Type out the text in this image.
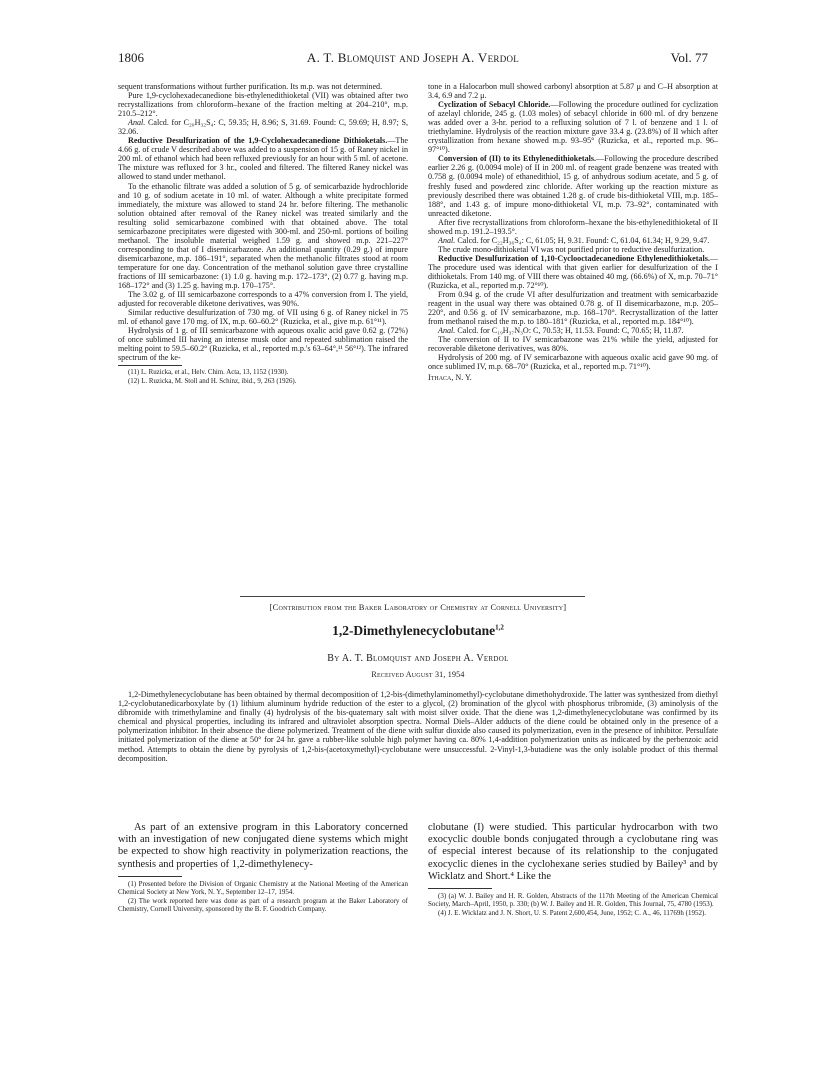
1806	A. T. Blomquist and Joseph A. Verdol	Vol. 77

sequent transformations without further purification. Its m.p. was not determined.

Pure 1,9-cyclohexadecanedione bis-ethylenedithioketal (VII) was obtained after two recrystallizations from chloroform–hexane of the fraction melting at 204–210°, m.p. 210.5–212°.

Anal. Calcd. for C₂₀H₃₂S₄: C, 59.35; H, 8.96; S, 31.69. Found: C, 59.69; H, 8.97; S, 32.06.

Reductive Desulfurization of the 1,9-Cyclohexadecanedione Dithioketals.—The 4.66 g. of crude V described above was added to a suspension of 15 g. of Raney nickel in 200 ml. of ethanol which had been refluxed previously for an hour with 5 ml. of acetone. The mixture was refluxed for 3 hr., cooled and filtered. The filtered Raney nickel was allowed to stand under methanol.

To the ethanolic filtrate was added a solution of 5 g. of semicarbazide hydrochloride and 10 g. of sodium acetate in 10 ml. of water. Although a white precipitate formed immediately, the mixture was allowed to stand 24 hr. before filtering. The methanolic solution obtained after removal of the Raney nickel was treated similarly and the resulting solid semicarbazone combined with that obtained above. The total semicarbazone precipitates were digested with 300-ml. and 250-ml. portions of boiling methanol. The insoluble material weighed 1.59 g. and showed m.p. 221–227° corresponding to that of I disemicarbazone. An additional quantity (0.29 g.) of impure disemicarbazone, m.p. 186–191°, separated when the methanolic filtrates stood at room temperature for one day. Concentration of the methanol solution gave three crystalline fractions of III semicarbazone: (1) 1.0 g. having m.p. 172–173°, (2) 0.77 g. having m.p. 168–172° and (3) 1.25 g. having m.p. 170–175°.

The 3.02 g. of III semicarbazone corresponds to a 47% conversion from I. The yield, adjusted for recoverable diketone derivatives, was 90%.

Similar reductive desulfurization of 730 mg. of VII using 6 g. of Raney nickel in 75 ml. of ethanol gave 170 mg. of IX, m.p. 60–60.2° (Ruzicka, et al., give m.p. 61°¹¹).

Hydrolysis of 1 g. of III semicarbazone with aqueous oxalic acid gave 0.62 g. (72%) of once sublimed III having an intense musk odor and repeated sublimation raised the melting point to 59.5–60.2° (Ruzicka, et al., reported m.p.'s 63–64°,¹¹ 56°¹²). The infrared spectrum of the ke-

(11) L. Ruzicka, et al., Helv. Chim. Acta, 13, 1152 (1930).

(12) L. Ruzicka, M. Stoll and H. Schinz, ibid., 9, 263 (1926).

tone in a Halocarbon mull showed carbonyl absorption at 5.87 μ and C–H absorption at 3.4, 6.9 and 7.2 μ.

Cyclization of Sebacyl Chloride.—Following the procedure outlined for cyclization of azelayl chloride, 245 g. (1.03 moles) of sebacyl chloride in 600 ml. of dry benzene was added over a 3-hr. period to a refluxing solution of 7 l. of benzene and 1 l. of triethylamine. Hydrolysis of the reaction mixture gave 33.4 g. (23.8%) of II which after crystallization from hexane showed m.p. 93–95° (Ruzicka, et al., reported m.p. 96–97°¹⁰).

Conversion of (II) to its Ethylenedithioketals.—Following the procedure described earlier 2.26 g. (0.0094 mole) of II in 200 ml. of reagent grade benzene was treated with 0.758 g. (0.0094 mole) of ethanedithiol, 15 g. of anhydrous sodium acetate, and 5 g. of freshly fused and powdered zinc chloride. After working up the reaction mixture as previously described there was obtained 1.28 g. of crude bis-dithioketal VIII, m.p. 185–188°, and 1.43 g. of impure mono-dithioketal VI, m.p. 73–92°, contaminated with unreacted diketone.

After five recrystallizations from chloroform–hexane the bis-ethylenedithioketal of II showed m.p. 191.2–193.5°.

Anal. Calcd. for C₂₂H₃₆S₄: C, 61.05; H, 9.31. Found: C, 61.04, 61.34; H, 9.29, 9.47.

The crude mono-dithioketal VI was not purified prior to reductive desulfurization.

Reductive Desulfurization of 1,10-Cyclooctadecanedione Ethylenedithioketals.—The procedure used was identical with that given earlier for desulfurization of the I dithioketals. From 140 mg. of VIII there was obtained 40 mg. (66.6%) of X, m.p. 70–71° (Ruzicka, et al., reported m.p. 72°¹⁰).

From 0.94 g. of the crude VI after desulfurization and treatment with semicarbazide reagent in the usual way there was obtained 0.78 g. of II disemicarbazone, m.p. 205–220°, and 0.56 g. of IV semicarbazone, m.p. 168–170°. Recrystallization of the latter from methanol raised the m.p. to 180–181° (Ruzicka, et al., reported m.p. 184°¹⁰).

Anal. Calcd. for C₁₉H₃₇N₃O: C, 70.53; H, 11.53. Found: C, 70.65; H, 11.87.

The conversion of II to IV semicarbazone was 21% while the yield, adjusted for recoverable diketone derivatives, was 80%.

Hydrolysis of 200 mg. of IV semicarbazone with aqueous oxalic acid gave 90 mg. of once sublimed IV, m.p. 68–70° (Ruzicka, et al., reported m.p. 71°¹⁰).

Ithaca, N. Y.

[Contribution from the Baker Laboratory of Chemistry at Cornell University]
1,2-Dimethylenecyclobutane$^{1,2}$
By A. T. Blomquist and Joseph A. Verdol
Received August 31, 1954

1,2-Dimethylenecyclobutane has been obtained by thermal decomposition of 1,2-bis-(dimethylaminomethyl)-cyclobutane dimethohydroxide. The latter was synthesized from diethyl 1,2-cyclobutanedicarboxylate by (1) lithium aluminum hydride reduction of the ester to a glycol, (2) bromination of the glycol with phosphorus tribromide, (3) aminolysis of the dibromide with trimethylamine and finally (4) hydrolysis of the bis-quaternary salt with moist silver oxide. That the diene was 1,2-dimethylenecyclobutane was confirmed by its chemical and physical properties, including its infrared and ultraviolet absorption spectra. Normal Diels–Alder adducts of the diene could be obtained only in the presence of a polymerization inhibitor. In their absence the diene polymerized. Treatment of the diene with sulfur dioxide also caused its polymerization, even in the presence of inhibitor. Persulfate initiated polymerization of the diene at 50° for 24 hr. gave a rubber-like soluble high polymer having ca. 80% 1,4-addition polymerization units as indicated by the perbenzoic acid method. Attempts to obtain the diene by pyrolysis of 1,2-bis-(acetoxymethyl)-cyclobutane were unsuccessful. 2-Vinyl-1,3-butadiene was the only isolable product of this thermal decomposition.

As part of an extensive program in this Laboratory concerned with an investigation of new conjugated diene systems which might be expected to show high reactivity in polymerization reactions, the synthesis and properties of 1,2-dimethylenecy-

(1) Presented before the Division of Organic Chemistry at the National Meeting of the American Chemical Society at New York, N. Y., September 12–17, 1954.

(2) The work reported here was done as part of a research program at the Baker Laboratory of Chemistry, Cornell University, sponsored by the B. F. Goodrich Company.

clobutane (I) were studied. This particular hydrocarbon with two exocyclic double bonds conjugated through a cyclobutane ring was of especial interest because of its relationship to the conjugated exocyclic dienes in the cyclohexane series studied by Bailey³ and by Wicklatz and Short.⁴ Like the

(3) (a) W. J. Bailey and H. R. Golden, Abstracts of the 117th Meeting of the American Chemical Society, March–April, 1950, p. 330; (b) W. J. Bailey and H. R. Golden, This Journal, 75, 4780 (1953).

(4) J. E. Wicklatz and J. N. Short, U. S. Patent 2,600,454, June, 1952; C. A., 46, 11769h (1952).
